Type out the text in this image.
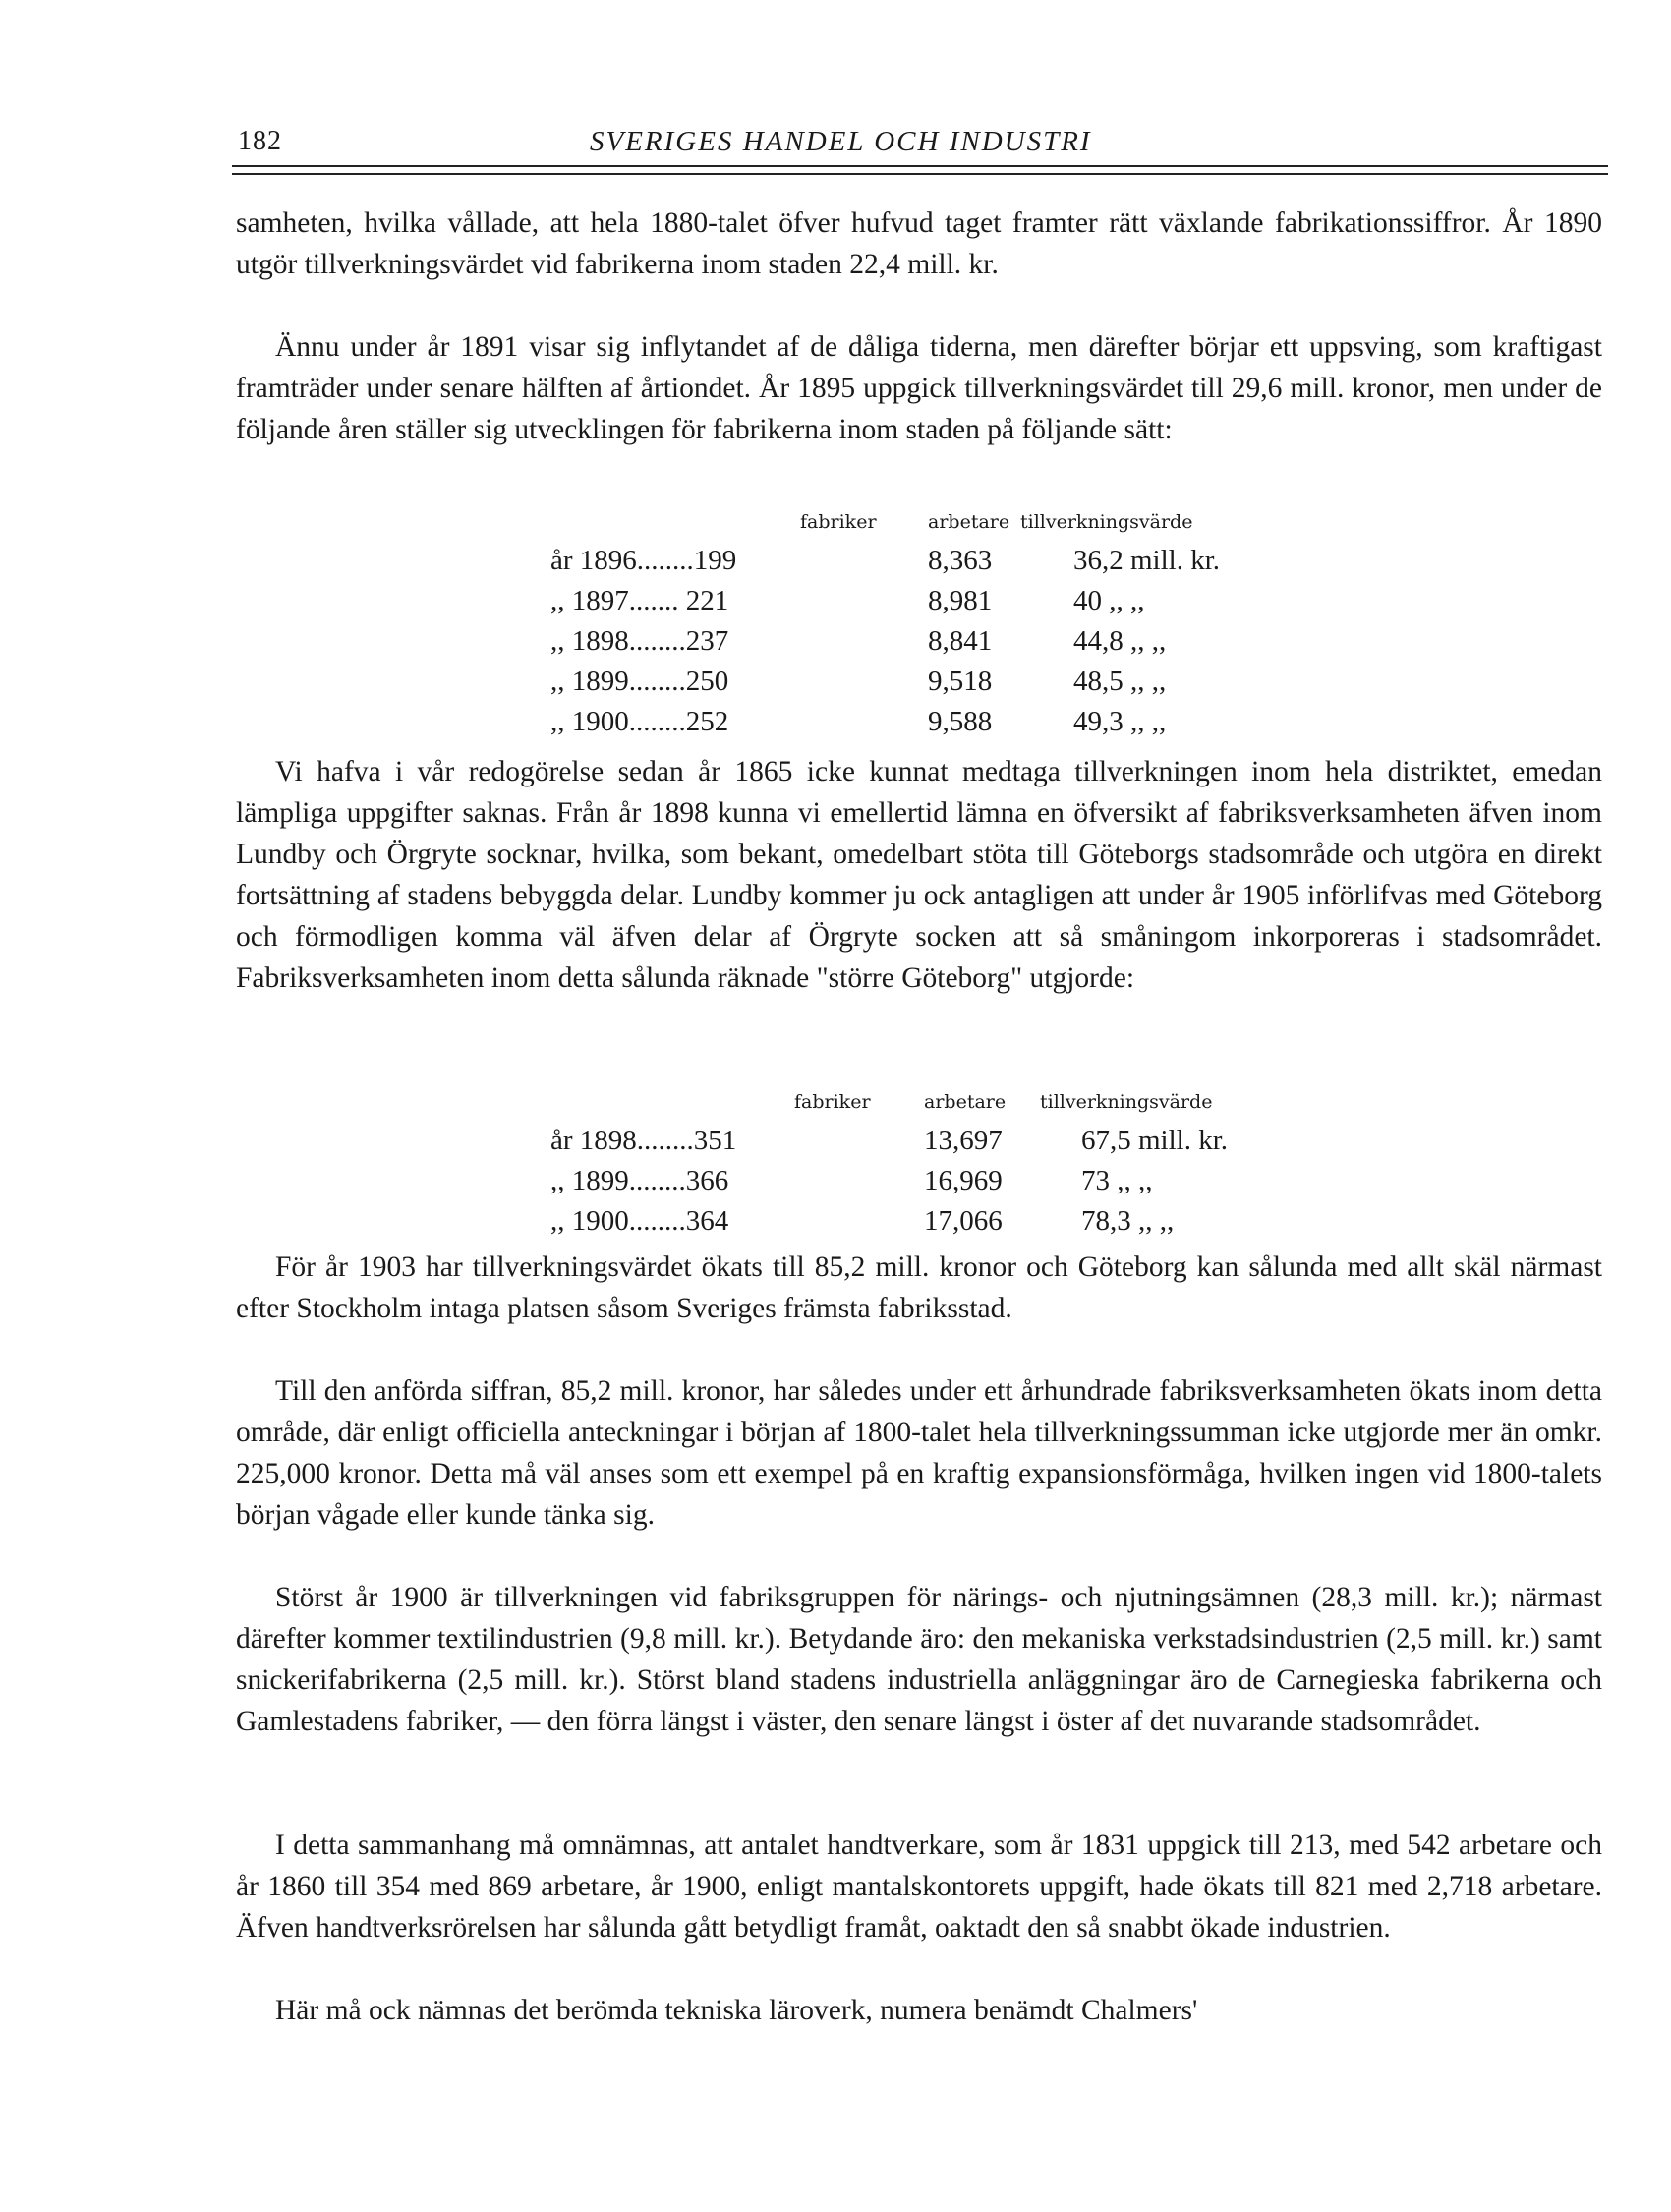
182	SVERIGES HANDEL OCH INDUSTRI

samheten, hvilka vållade, att hela 1880-talet öfver hufvud taget framter rätt växlande fabrikationssiffror. År 1890 utgör tillverkningsvärdet vid fabrikerna inom staden 22,4 mill. kr.

Ännu under år 1891 visar sig inflytandet af de dåliga tiderna, men därefter börjar ett uppsving, som kraftigast framträder under senare hälften af årtiondet. År 1895 uppgick tillverkningsvärdet till 29,6 mill. kronor, men under de följande åren ställer sig utvecklingen för fabrikerna inom staden på följande sätt:

fabriker	arbetare tillverkningsvärde
år 1896........199	8,363	36,2 mill. kr.
,, 1897....... 221	8,981	40 ,, ,,
,, 1898........237	8,841	44,8 ,, ,,
,, 1899........250	9,518	48,5 ,, ,,
,, 1900........252	9,588	49,3 ,, ,,

Vi hafva i vår redogörelse sedan år 1865 icke kunnat medtaga tillverkningen inom hela distriktet, emedan lämpliga uppgifter saknas. Från år 1898 kunna vi emellertid lämna en öfversikt af fabriksverksamheten äfven inom Lundby och Örgryte socknar, hvilka, som bekant, omedelbart stöta till Göteborgs stadsområde och utgöra en direkt fortsättning af stadens bebyggda delar. Lundby kommer ju ock antagligen att under år 1905 införlifvas med Göteborg och förmodligen komma väl äfven delar af Örgryte socken att så småningom inkorporeras i stadsområdet. Fabriksverksamheten inom detta sålunda räknade "större Göteborg" utgjorde:

fabriker	arbetare tillverkningsvärde
år 1898........351	13,697	67,5 mill. kr.
,, 1899........366	16,969	73 ,, ,,
,, 1900........364	17,066	78,3 ,, ,,

För år 1903 har tillverkningsvärdet ökats till 85,2 mill. kronor och Göteborg kan sålunda med allt skäl närmast efter Stockholm intaga platsen såsom Sveriges främsta fabriksstad.

Till den anförda siffran, 85,2 mill. kronor, har således under ett århundrade fabriksverksamheten ökats inom detta område, där enligt officiella anteckningar i början af 1800-talet hela tillverkningssumman icke utgjorde mer än omkr. 225,000 kronor. Detta må väl anses som ett exempel på en kraftig expansionsförmåga, hvilken ingen vid 1800-talets början vågade eller kunde tänka sig.

Störst år 1900 är tillverkningen vid fabriksgruppen för närings- och njutningsämnen (28,3 mill. kr.); närmast därefter kommer textilindustrien (9,8 mill. kr.). Betydande äro: den mekaniska verkstadsindustrien (2,5 mill. kr.) samt snickerifabrikerna (2,5 mill. kr.). Störst bland stadens industriella anläggningar äro de Carnegieska fabrikerna och Gamlestadens fabriker, — den förra längst i väster, den senare längst i öster af det nuvarande stadsområdet.

I detta sammanhang må omnämnas, att antalet handtverkare, som år 1831 uppgick till 213, med 542 arbetare och år 1860 till 354 med 869 arbetare, år 1900, enligt mantalskontorets uppgift, hade ökats till 821 med 2,718 arbetare. Äfven handtverksrörelsen har sålunda gått betydligt framåt, oaktadt den så snabbt ökade industrien.

Här må ock nämnas det berömda tekniska läroverk, numera benämdt Chalmers'
